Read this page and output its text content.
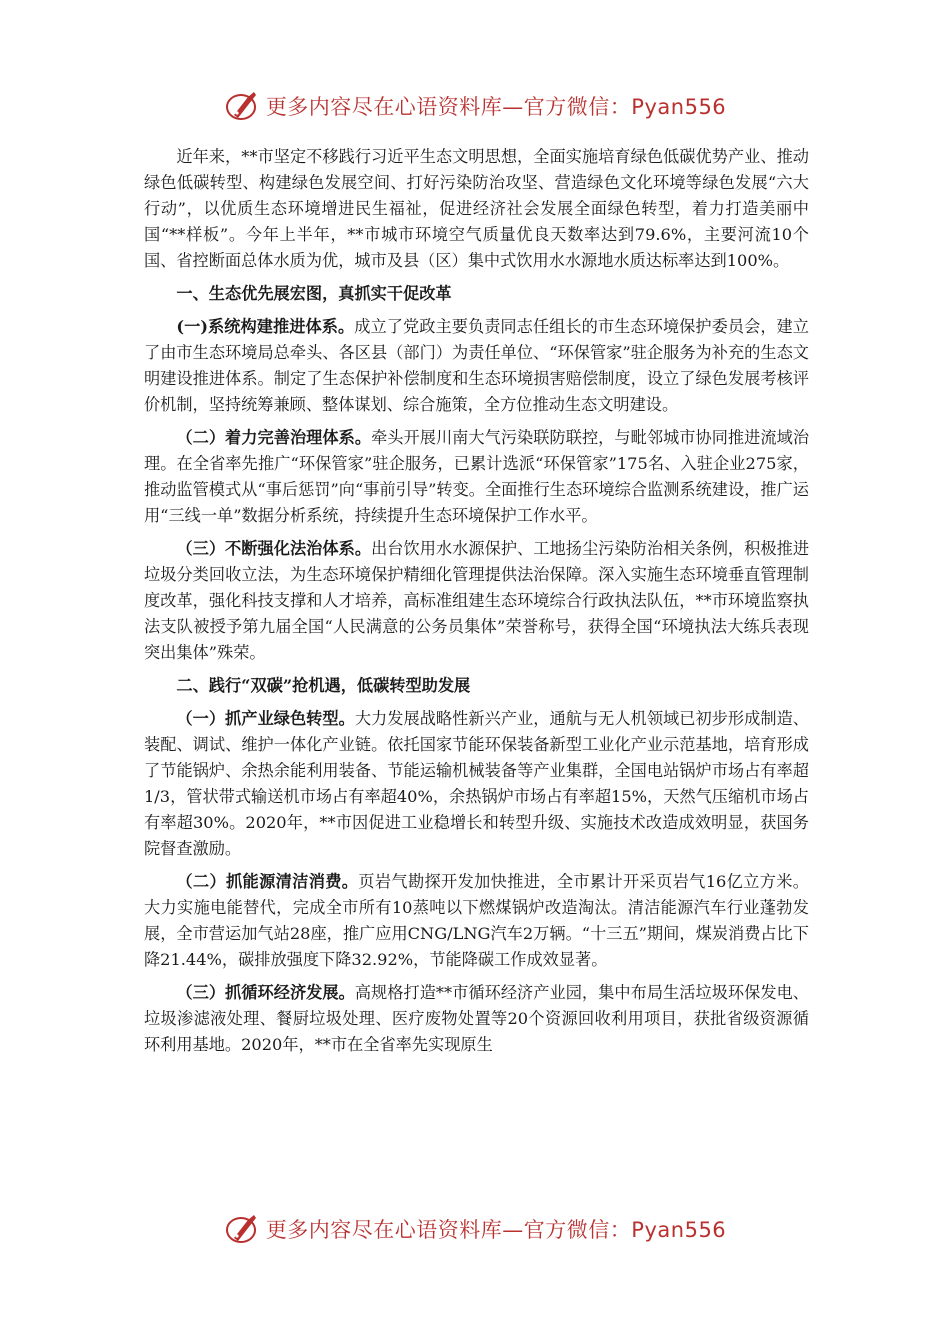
更多内容尽在心语资料库—官方微信：Pyan556

近年来，**市坚定不移践行习近平生态文明思想，全面实施培育绿色低碳优势产业、推动绿色低碳转型、构建绿色发展空间、打好污染防治攻坚、营造绿色文化环境等绿色发展“六大行动”，以优质生态环境增进民生福祉，促进经济社会发展全面绿色转型，着力打造美丽中国“**样板”。今年上半年，**市城市环境空气质量优良天数率达到79.6%，主要河流10个国、省控断面总体水质为优，城市及县（区）集中式饮用水水源地水质达标率达到100%。

一、生态优先展宏图，真抓实干促改革

(一)系统构建推进体系。成立了党政主要负责同志任组长的市生态环境保护委员会，建立了由市生态环境局总牵头、各区县（部门）为责任单位、“环保管家”驻企服务为补充的生态文明建设推进体系。制定了生态保护补偿制度和生态环境损害赔偿制度，设立了绿色发展考核评价机制，坚持统筹兼顾、整体谋划、综合施策，全方位推动生态文明建设。

（二）着力完善治理体系。牵头开展川南大气污染联防联控，与毗邻城市协同推进流域治理。在全省率先推广“环保管家”驻企服务，已累计选派“环保管家”175名、入驻企业275家，推动监管模式从“事后惩罚”向“事前引导”转变。全面推行生态环境综合监测系统建设，推广运用“三线一单”数据分析系统，持续提升生态环境保护工作水平。

（三）不断强化法治体系。出台饮用水水源保护、工地扬尘污染防治相关条例，积极推进垃圾分类回收立法，为生态环境保护精细化管理提供法治保障。深入实施生态环境垂直管理制度改革，强化科技支撑和人才培养，高标准组建生态环境综合行政执法队伍，**市环境监察执法支队被授予第九届全国“人民满意的公务员集体”荣誉称号，获得全国“环境执法大练兵表现突出集体”殊荣。

二、践行“双碳”抢机遇，低碳转型助发展

（一）抓产业绿色转型。大力发展战略性新兴产业，通航与无人机领域已初步形成制造、装配、调试、维护一体化产业链。依托国家节能环保装备新型工业化产业示范基地，培育形成了节能锅炉、余热余能利用装备、节能运输机械装备等产业集群，全国电站锅炉市场占有率超1/3，管状带式输送机市场占有率超40%，余热锅炉市场占有率超15%，天然气压缩机市场占有率超30%。2020年，**市因促进工业稳增长和转型升级、实施技术改造成效明显，获国务院督查激励。

（二）抓能源清洁消费。页岩气勘探开发加快推进，全市累计开采页岩气16亿立方米。大力实施电能替代，完成全市所有10蒸吨以下燃煤锅炉改造淘汰。清洁能源汽车行业蓬勃发展，全市营运加气站28座，推广应用CNG/LNG汽车2万辆。“十三五”期间，煤炭消费占比下降21.44%，碳排放强度下降32.92%，节能降碳工作成效显著。

（三）抓循环经济发展。高规格打造**市循环经济产业园，集中布局生活垃圾环保发电、垃圾渗滤液处理、餐厨垃圾处理、医疗废物处置等20个资源回收利用项目，获批省级资源循环利用基地。2020年，**市在全省率先实现原生

更多内容尽在心语资料库—官方微信：Pyan556
